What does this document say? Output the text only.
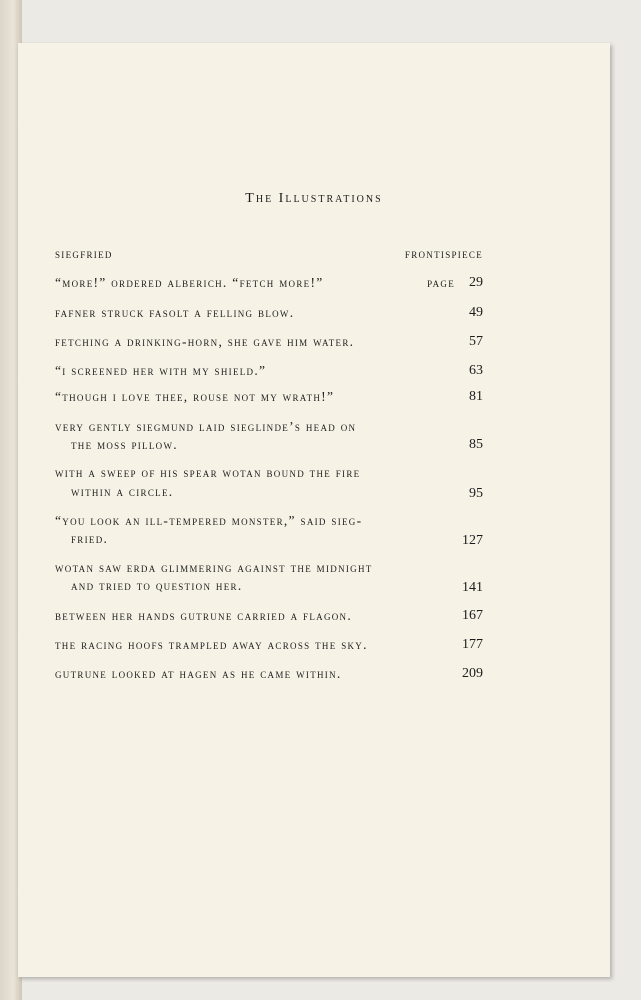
The Illustrations
siegfried	frontispiece
“more!” ordered alberich. “fetch more!”	page 29
fafner struck fasolt a felling blow.	49
fetching a drinking-horn, she gave him water.	57
“i screened her with my shield.”	63
“though i love thee, rouse not my wrath!”	81
very gently siegmund laid sieglinde’s head on
the moss pillow.	85
with a sweep of his spear wotan bound the fire
within a circle.	95
“you look an ill-tempered monster,” said sieg-
fried.	127
wotan saw erda glimmering against the midnight
and tried to question her.	141
between her hands gutrune carried a flagon.	167
the racing hoofs trampled away across the sky.	177
gutrune looked at hagen as he came within.	209
